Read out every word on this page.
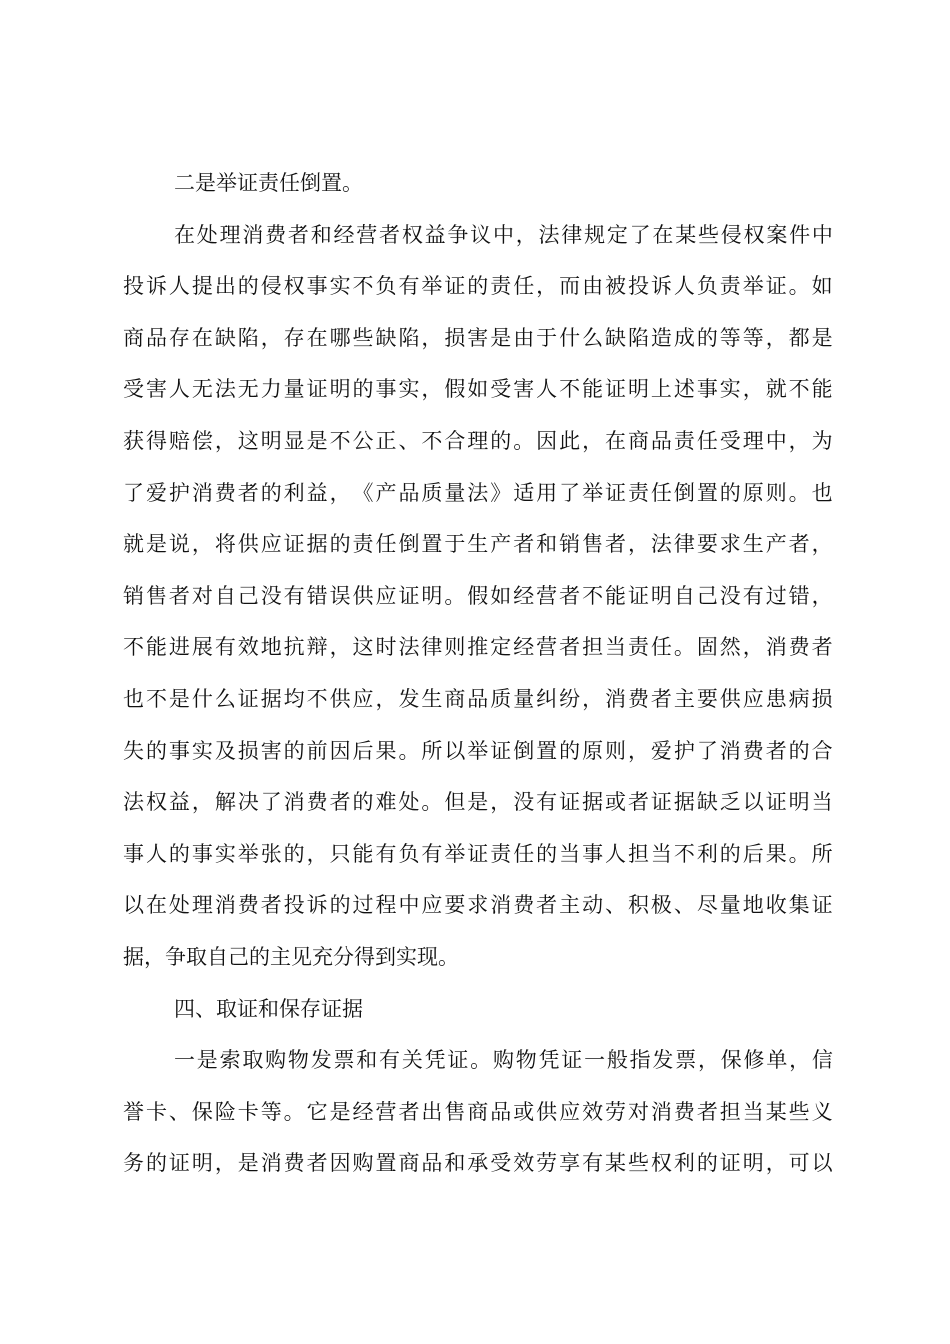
二是举证责任倒置。
在 处 理 消 费 者 和 经 营 者 权 益 争 议 中 ， 法 律 规 定 了 在 某 些 侵 权 案 件 中
投 诉 人 提 出 的 侵 权 事 实 不 负 有 举 证 的 责 任 ， 而 由 被 投 诉 人 负 责 举 证 。 如
商 品 存 在 缺 陷 ， 存 在 哪 些 缺 陷 ， 损 害 是 由 于 什 么 缺 陷 造 成 的 等 等 ， 都 是
受 害 人 无 法 无 力 量 证 明 的 事 实 ， 假 如 受 害 人 不 能 证 明 上 述 事 实 ， 就 不 能
获 得 赔 偿 ， 这 明 显 是 不 公 正 、 不 合 理 的 。 因 此 ， 在 商 品 责 任 受 理 中 ， 为
了 爱 护 消 费 者 的 利 益 ， 《 产 品 质 量 法 》 适 用 了 举 证 责 任 倒 置 的 原 则 。 也
就 是 说 ， 将 供 应 证 据 的 责 任 倒 置 于 生 产 者 和 销 售 者 ， 法 律 要 求 生 产 者 ，
销 售 者 对 自 己 没 有 错 误 供 应 证 明 。 假 如 经 营 者 不 能 证 明 自 己 没 有 过 错 ，
不 能 进 展 有 效 地 抗 辩 ， 这 时 法 律 则 推 定 经 营 者 担 当 责 任 。 固 然 ， 消 费 者
也 不 是 什 么 证 据 均 不 供 应 ， 发 生 商 品 质 量 纠 纷 ， 消 费 者 主 要 供 应 患 病 损
失 的 事 实 及 损 害 的 前 因 后 果 。 所 以 举 证 倒 置 的 原 则 ， 爱 护 了 消 费 者 的 合
法 权 益 ， 解 决 了 消 费 者 的 难 处 。 但 是 ， 没 有 证 据 或 者 证 据 缺 乏 以 证 明 当
事 人 的 事 实 举 张 的 ， 只 能 有 负 有 举 证 责 任 的 当 事 人 担 当 不 利 的 后 果 。 所
以 在 处 理 消 费 者 投 诉 的 过 程 中 应 要 求 消 费 者 主 动 、 积 极 、 尽 量 地 收 集 证
据，争取自己的主见充分得到实现。
四、取证和保存证据
一 是 索 取 购 物 发 票 和 有 关 凭 证 。 购 物 凭 证 一 般 指 发 票 ， 保 修 单 ， 信
誉 卡 、 保 险 卡 等 。 它 是 经 营 者 出 售 商 品 或 供 应 效 劳 对 消 费 者 担 当 某 些 义
务 的 证 明 ， 是 消 费 者 因 购 置 商 品 和 承 受 效 劳 享 有 某 些 权 利 的 证 明 ， 可 以
